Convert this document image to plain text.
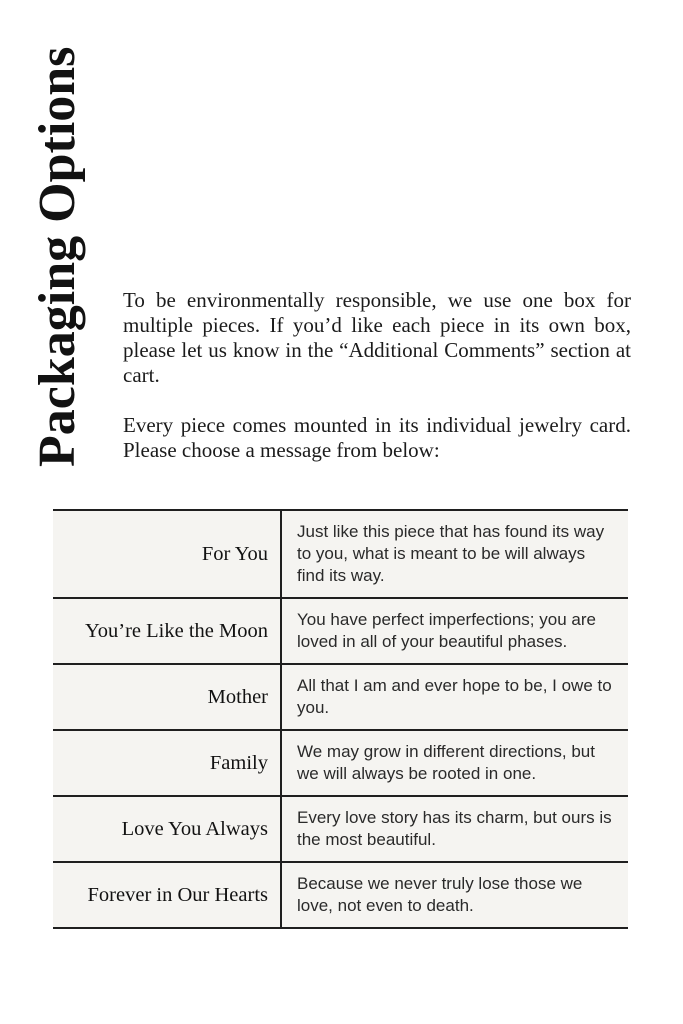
Packaging Options To be environmentally responsible, we use one box for multiple pieces. If you’d like each piece in its own box, please let us know in the “Additional Comments” section at cart.

Every piece comes mounted in its individual jewelry card. Please choose a message from below:

For You	Just like this piece that has found its way to you, what is meant to be will always find its way.
You’re Like the Moon	You have perfect imperfections; you are loved in all of your beautiful phases.
Mother	All that I am and ever hope to be, I owe to you.
Family	We may grow in different directions, but we will always be rooted in one.
Love You Always	Every love story has its charm, but ours is the most beautiful.
Forever in Our Hearts	Because we never truly lose those we love, not even to death.
